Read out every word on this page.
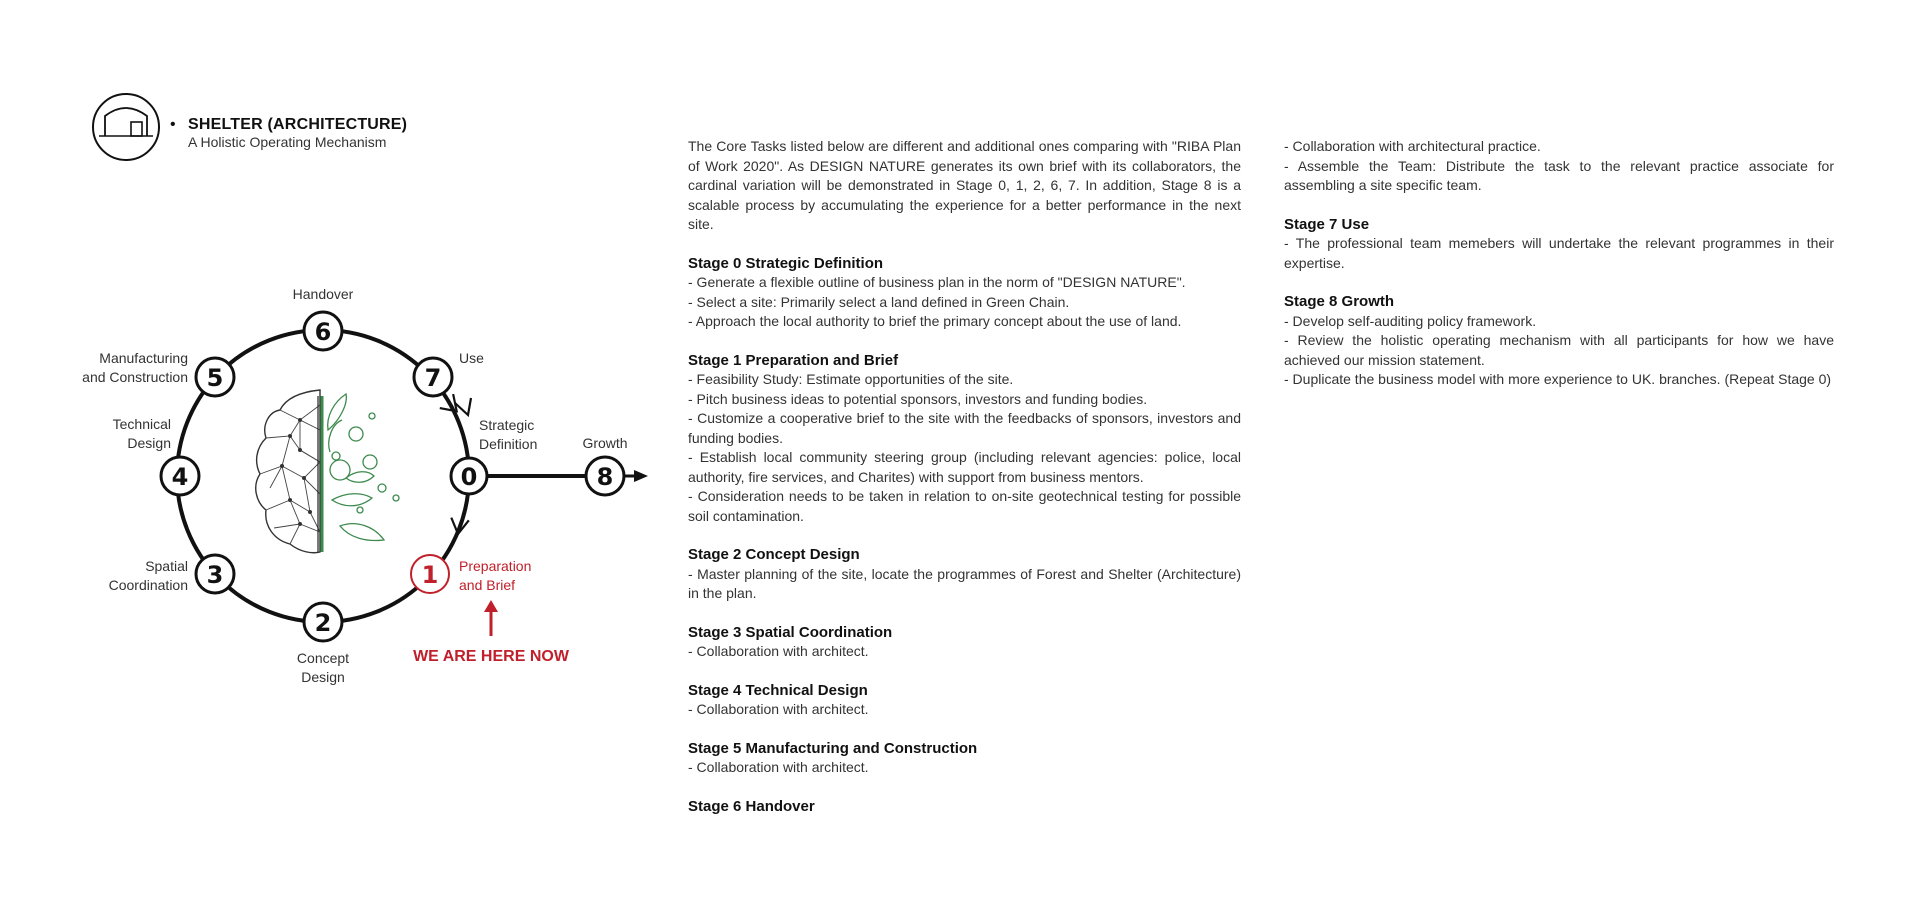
• SHELTER (ARCHITECTURE)
A Holistic Operating Mechanism
0
1
2
3
4
5
6
7
8
Strategic
Definition
Preparation
and Brief
Concept
Design
Spatial
Coordination
Technical
Design
Manufacturing
and Construction
Handover
Use
Growth
WE ARE HERE NOW
The Core Tasks listed below are different and additional ones comparing with "RIBA Plan of Work 2020". As DESIGN NATURE generates its own brief with its collaborators, the cardinal variation will be demonstrated in Stage 0, 1, 2, 6, 7. In addition, Stage 8 is a scalable process by accumulating the experience for a better performance in the next site.
Stage 0 Strategic Definition
- Generate a flexible outline of business plan in the norm of "DESIGN NATURE".
- Select a site: Primarily select a land defined in Green Chain.
- Approach the local authority to brief the primary concept about the use of land.
Stage 1 Preparation and Brief
- Feasibility Study: Estimate opportunities of the site.
- Pitch business ideas to potential sponsors, investors and funding bodies.
- Customize a cooperative brief to the site with the feedbacks of sponsors, investors and funding bodies.
- Establish local community steering group (including relevant agencies: police, local authority, fire services, and Charites) with support from business mentors.
- Consideration needs to be taken in relation to on-site geotechnical testing for possible soil contamination.
Stage 2 Concept Design
- Master planning of the site, locate the programmes of Forest and Shelter (Architecture) in the plan.
Stage 3 Spatial Coordination
- Collaboration with architect.
Stage 4 Technical Design
- Collaboration with architect.
Stage 5 Manufacturing and Construction
- Collaboration with architect.
Stage 6 Handover
- Collaboration with architectural practice.
- Assemble the Team: Distribute the task to the relevant practice associate for assembling a site specific team.
Stage 7 Use
- The professional team memebers will undertake the relevant programmes in their expertise.
Stage 8 Growth
- Develop self-auditing policy framework.
- Review the holistic operating mechanism with all participants for how we have achieved our mission statement.
- Duplicate the business model with more experience to UK. branches. (Repeat Stage 0)
